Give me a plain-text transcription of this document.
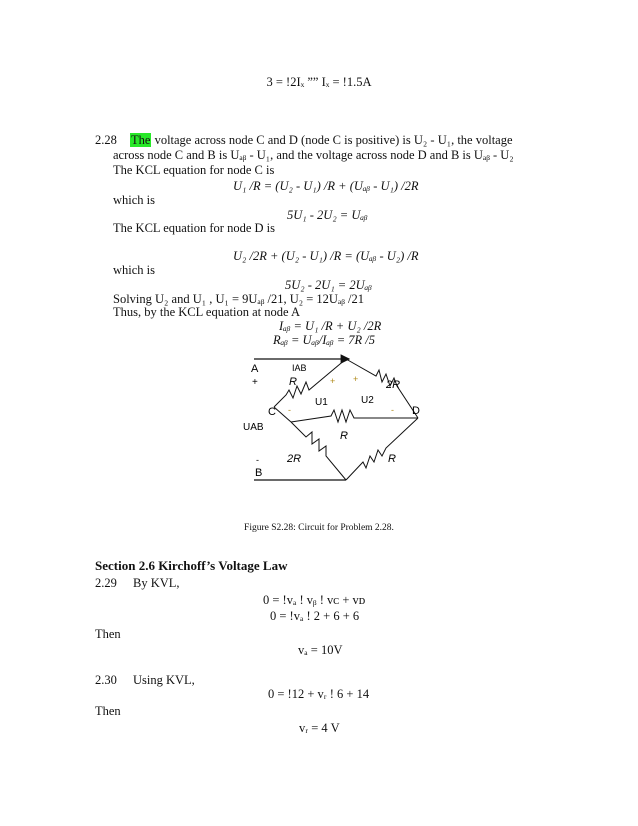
3 = !2Iₓ ”” Iₓ = !1.5A
2.28 The voltage across node C and D (node C is positive) is U₂ - U₁, the voltage
across node C and B is Uₐᵦ - U₁, and the voltage across node D and B is Uₐᵦ - U₂
The KCL equation for node C is
U₁ /R = (U₂ - U₁) /R + (Uₐᵦ - U₁) /2R
which is
5U₁ - 2U₂ = Uₐᵦ
The KCL equation for node D is
U₂ /2R + (U₂ - U₁) /R = (Uₐᵦ - U₂) /R
which is
5U₂ - 2U₁ = 2Uₐᵦ
Solving U₂ and U₁ , U₁ = 9Uₐᵦ /21, U₂ = 12Uₐᵦ /21
Thus, by the KCL equation at node A
Iₐᵦ = U₁ /R + U₂ /2R
Rₐᵦ = Uₐᵦ/Iₐᵦ = 7R /5
A
+
IAB
R	+ +	2R
U1	U2
C -	- D
UAB
R
-	2R	R
B
Figure S2.28: Circuit for Problem 2.28.
Section 2.6 Kirchoff’s Voltage Law
2.29 By KVL,
0 = !vₐ ! vᵦ ! vᴄ + vᴅ
0 = !vₐ ! 2 + 6 + 6
Then
vₐ = 10V
2.30 Using KVL,
0 = !12 + vᵣ ! 6 + 14
Then
vᵣ = 4 V
